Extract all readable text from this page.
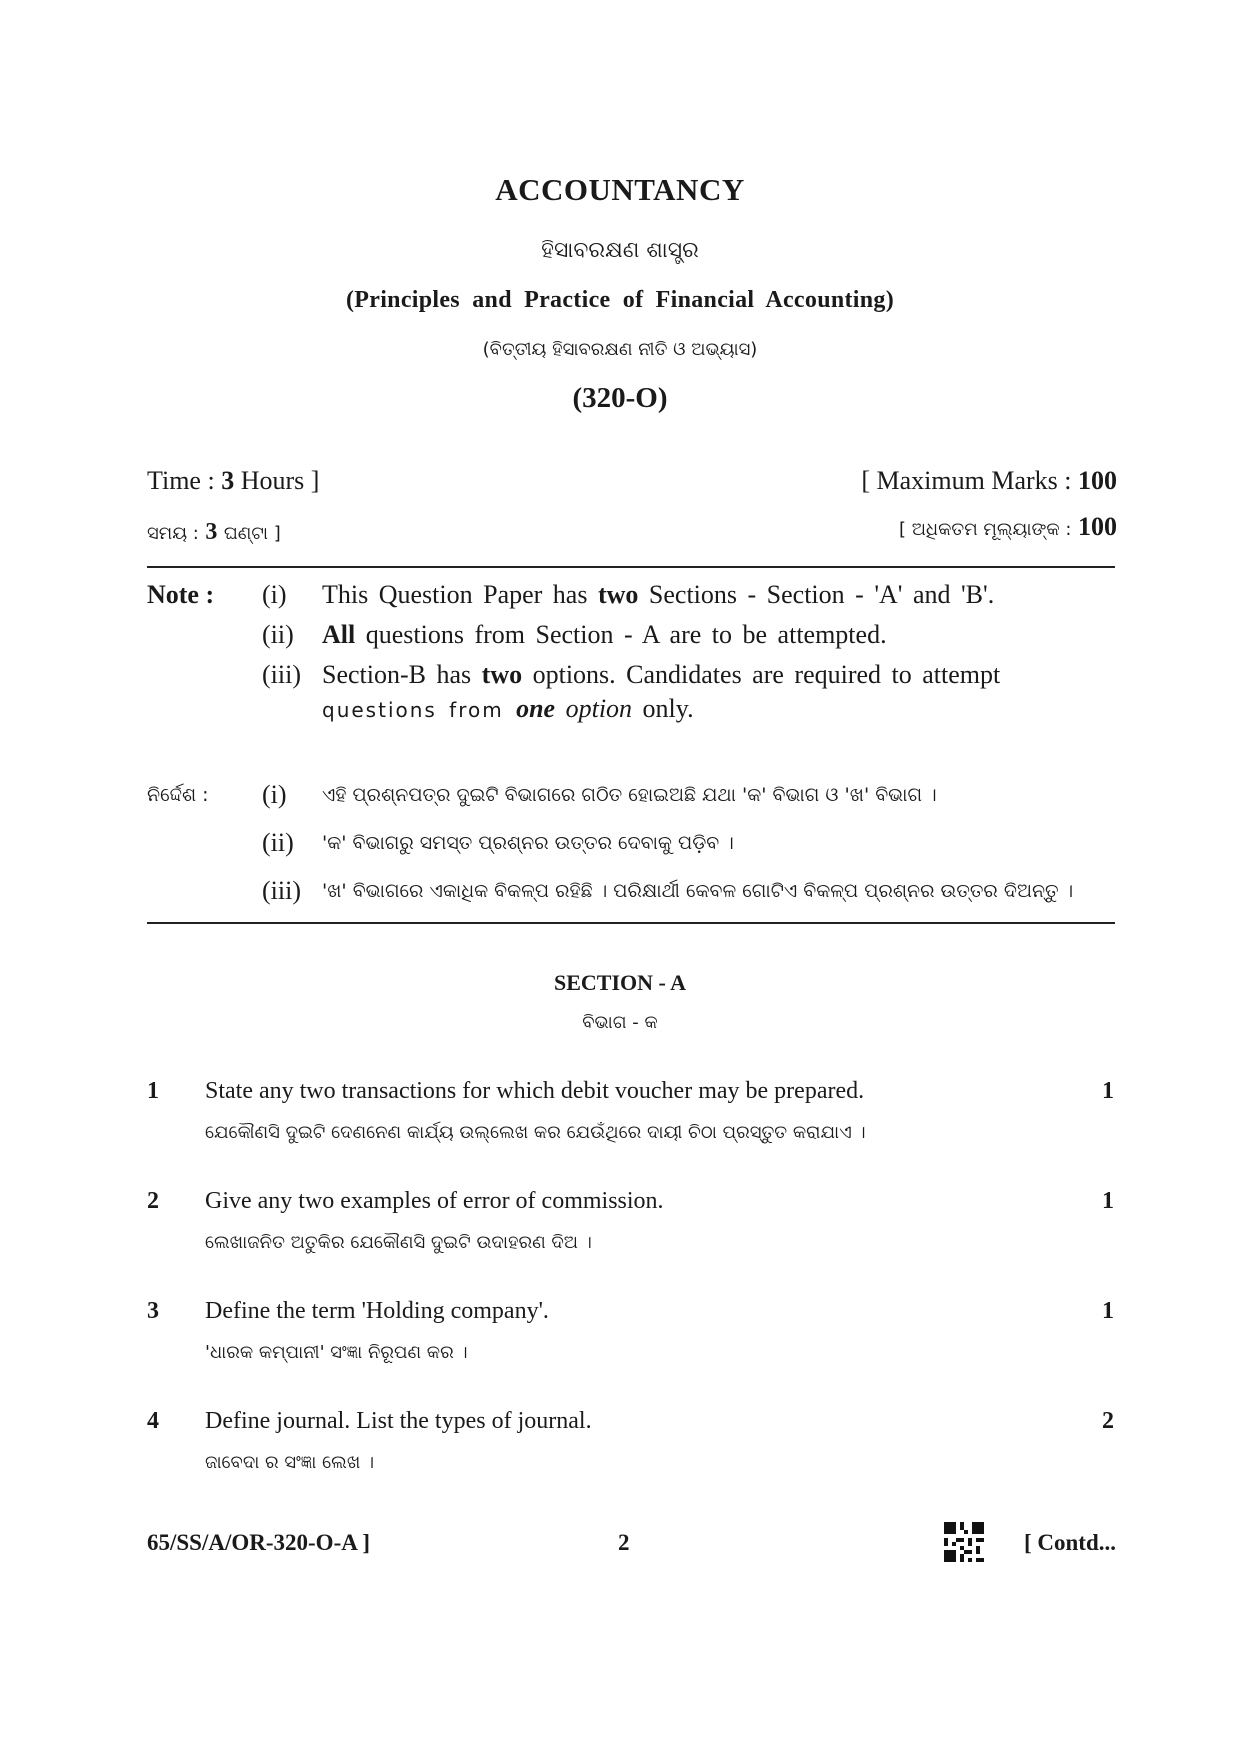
ACCOUNTANCY
ହିସାବରକ୍ଷଣ ଶାସ୍ତ୍ର
(Principles and Practice of Financial Accounting)
(ବିତ୍ତୀୟ ହିସାବରକ୍ଷଣ ନୀତି ଓ ଅଭ୍ୟାସ)
(320-O)
Time : 3 Hours ]	[ Maximum Marks : 100
ସମୟ : 3 ଘଣ୍ଟା ]	[ ଅଧିକତମ ମୂଲ୍ୟାଙ୍କ : 100
Note : (i) This Question Paper has two Sections - Section - 'A' and 'B'.
(ii) All questions from Section - A are to be attempted.
(iii) Section-B has two options. Candidates are required to attempt
questions from one option only.
ନିର୍ଦ୍ଦେଶ : (i) ଏହି ପ୍ରଶ୍ନପତ୍ର ଦୁଇଟି ବିଭାଗରେ ଗଠିତ ହୋଇଅଛି ଯଥା 'କ' ବିଭାଗ ଓ 'ଖ' ବିଭାଗ ।
(ii) 'କ' ବିଭାଗରୁ ସମସ୍ତ ପ୍ରଶ୍ନର ଉତ୍ତର ଦେବାକୁ ପଡ଼ିବ ।
(iii) 'ଖ' ବିଭାଗରେ ଏକାଧିକ ବିକଳ୍ପ ରହିଛି । ପରିକ୍ଷାର୍ଥୀ କେବଳ ଗୋଟିଏ ବିକଳ୍ପ ପ୍ରଶ୍ନର ଉତ୍ତର ଦିଅନ୍ତୁ ।
SECTION - A
ବିଭାଗ - କ
1 State any two transactions for which debit voucher may be prepared.	1
ଯେକୌଣସି ଦୁଇଟି ଦେଣନେଣ କାର୍ଯ୍ୟ ଉଲ୍ଲେଖ କର ଯେଉଁଥିରେ ଦାୟୀ ଚିଠା ପ୍ରସ୍ତୁତ କରାଯାଏ ।
2 Give any two examples of error of commission.	1
ଲେଖାଜନିତ ଅତୁକିର ଯେକୌଣସି ଦୁଇଟି ଉଦାହରଣ ଦିଅ ।
3 Define the term 'Holding company'.	1
'ଧାରକ କମ୍ପାନୀ' ସଂଜ୍ଞା ନିରୂପଣ କର ।
4 Define journal. List the types of journal.	2
ଜାବେଦା ର ସଂଜ୍ଞା ଲେଖ ।
65/SS/A/OR-320-O-A ]	2	[ Contd...
